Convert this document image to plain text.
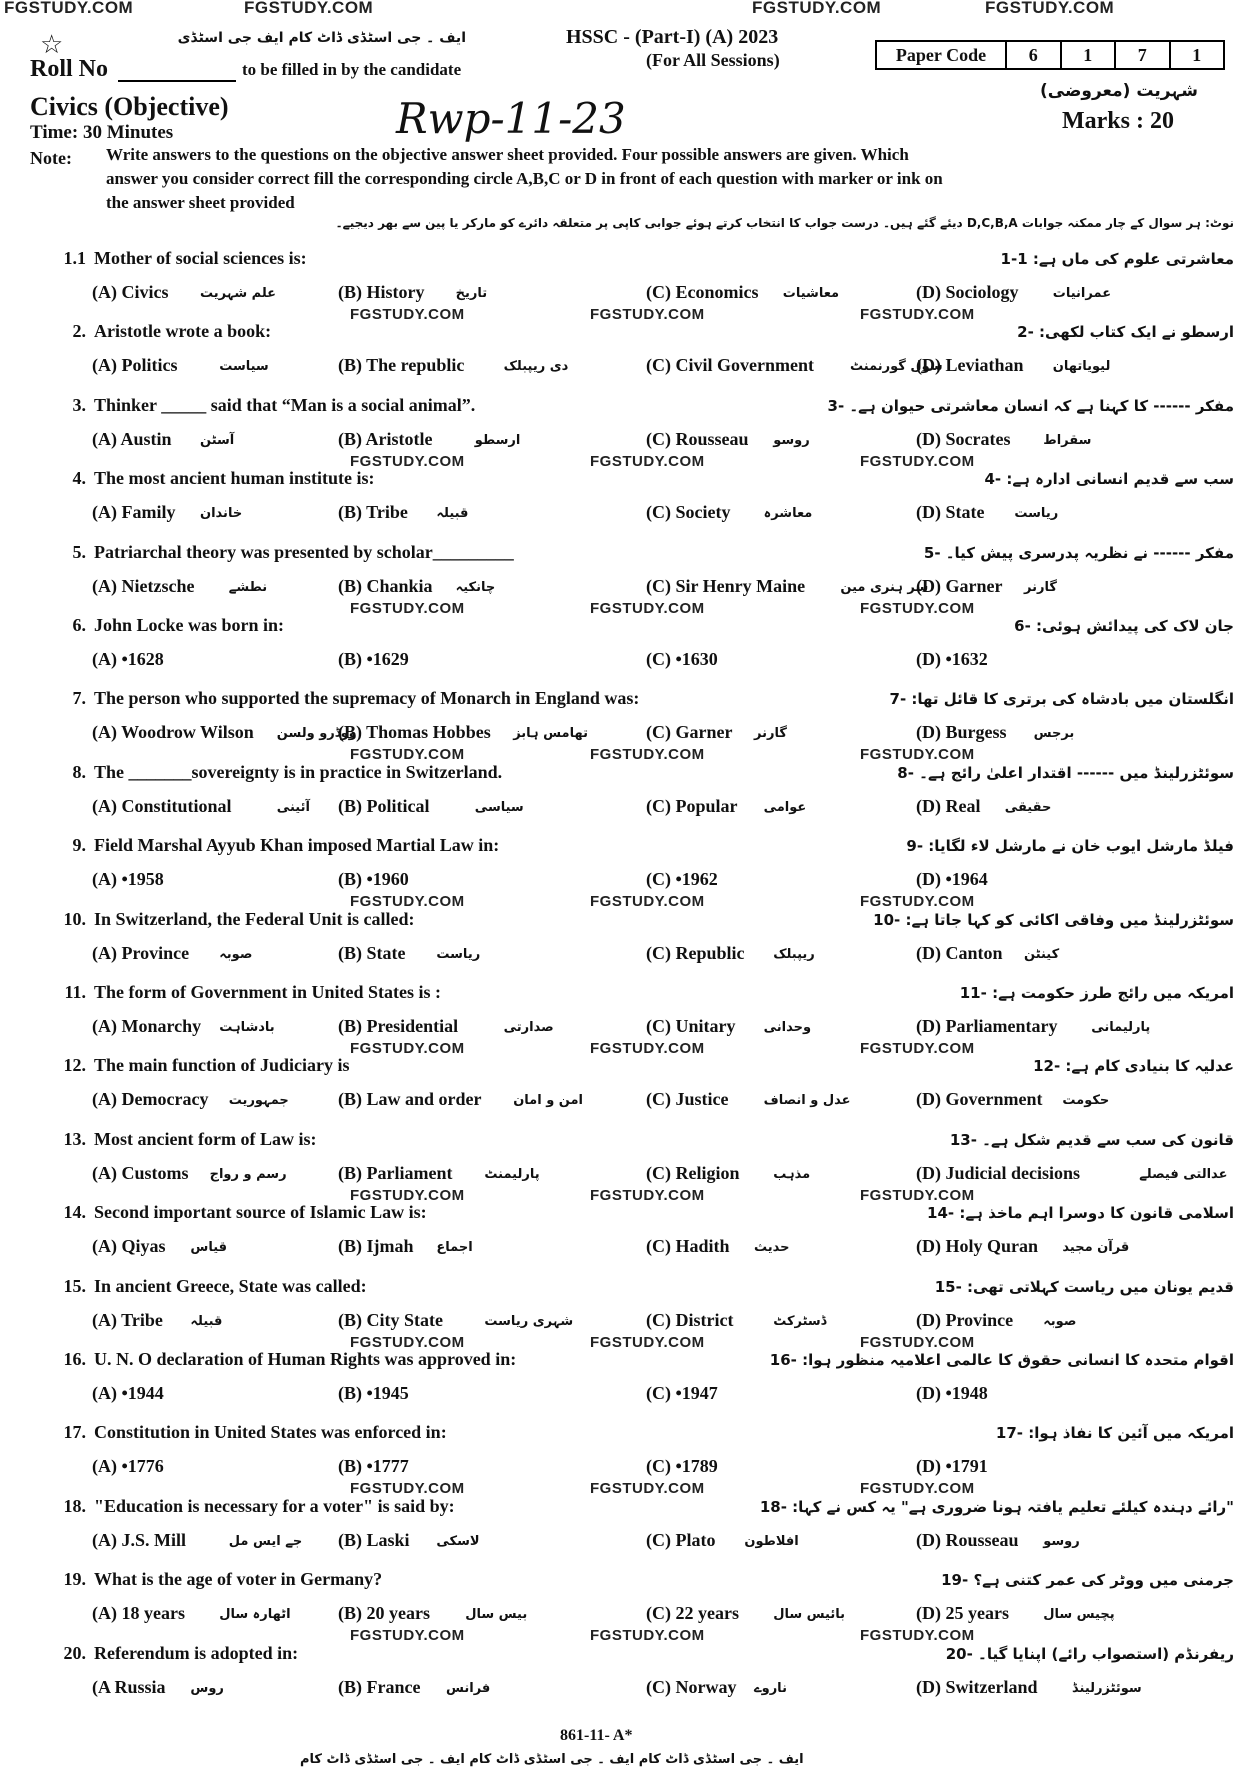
FGSTUDY.COM	FGSTUDY.COM	FGSTUDY.COM	FGSTUDY.COM
☆	ایف ۔ جی اسٹڈی ڈاٹ کام ایف جی اسٹڈی	HSSC - (Part-I) (A) 2023
(For All Sessions)	Paper Code	6	1	7	1
Roll No	to be filled in by the candidate
Civics (Objective)
Time: 30 Minutes	Rwp-11-23
شہریت (معروضی)
Marks : 20
Note: Write answers to the questions on the objective answer sheet provided. Four possible answers are given. Which
answer you consider correct fill the corresponding circle A,B,C or D in front of each question with marker or ink on
the answer sheet provided
نوٹ: ہر سوال کے چار ممکنہ جوابات D,C,B,A دیئے گئے ہیں۔ درست جواب کا انتخاب کرتے ہوئے جوابی کاپی پر متعلقہ دائرے کو مارکر یا پین سے بھر دیجیے۔
1.1 Mother of social sciences is:	معاشرتی علوم کی ماں ہے: 1-1
(A) Civics علم شہریت	(B) History تاریخ	(C) Economics معاشیات	(D) Sociology	عمرانیات
FGSTUDY.COM	FGSTUDY.COM	FGSTUDY.COM
2. Aristotle wrote a book:	ارسطو نے ایک کتاب لکھی: -2
(A) Politics	سیاست	(B) The republic	دی ریپبلک	(C) Civil Government	سول گورنمنٹ
(D) Leviathan لیویاتھان
3. Thinker _____ said that “Man is a social animal”.	مفکر ------ کا کہنا ہے کہ انسان معاشرتی حیوان ہے۔ -3
(A) Austin آسٹن	(B) Aristotle	ارسطو	(C) Rousseau روسو	(D) Socrates	سقراط
FGSTUDY.COM	FGSTUDY.COM	FGSTUDY.COM
4. The most ancient human institute is:	سب سے قدیم انسانی ادارہ ہے: -4
(A) Family خاندان	(B) Tribe قبیلہ	(C) Society	معاشرہ	(D) State ریاست
5. Patriarchal theory was presented by scholar_________	مفکر ------ نے نظریہ پدرسری پیش کیا۔ -5
(A) Nietzsche	نطشے	(B) Chankia چانکیہ	(C) Sir Henry Maine	سر ہنری مین
(D) Garner گارنر
FGSTUDY.COM	FGSTUDY.COM	FGSTUDY.COM
6. John Locke was born in:	جان لاک کی پیدائش ہوئی: -6
(A) •1628	(B) •1629	(C) •1630	(D) •1632
7. The person who supported the supremacy of Monarch in England was:	انگلستان میں بادشاہ کی برتری کا قائل تھا: -7
(A) Woodrow Wilson ووڈرو ولسن
(B) Thomas Hobbes تھامس ہابز	(C) Garner گارنر	(D) Burgess برجس
FGSTUDY.COM	FGSTUDY.COM	FGSTUDY.COM
8. The _______sovereignty is in practice in Switzerland.	سوئٹزرلینڈ میں ------ اقتدار اعلیٰ رائج ہے۔ -8
(A) Constitutional	آئینی (B) Political	سیاسی	(C) Popular عوامی	(D) Real حقیقی
9. Field Marshal Ayyub Khan imposed Martial Law in:	فیلڈ مارشل ایوب خان نے مارشل لاء لگایا: -9
(A) •1958	(B) •1960	(C) •1962	(D) •1964
FGSTUDY.COM	FGSTUDY.COM	FGSTUDY.COM
10. In Switzerland, the Federal Unit is called:	سوئٹزرلینڈ میں وفاقی اکائی کو کہا جاتا ہے: -10
(A) Province صوبہ	(B) State ریاست	(C) Republic ریپبلک	(D) Canton کینٹن
11. The form of Government in United States is :	امریکہ میں رائج طرز حکومت ہے: -11
(A) Monarchy بادشاہت	(B) Presidential	صدارتی	(C) Unitary وحدانی	(D) Parliamentary	پارلیمانی
FGSTUDY.COM	FGSTUDY.COM	FGSTUDY.COM
12. The main function of Judiciary is	عدلیہ کا بنیادی کام ہے: -12
(A) Democracy جمہوریت	(B) Law and order امن و امان	(C) Justice	عدل و انصاف	(D) Government حکومت
13. Most ancient form of Law is:	قانون کی سب سے قدیم شکل ہے۔ -13
(A) Customs رسم و رواج	(B) Parliament پارلیمنٹ	(C) Religion	مذہب	(D) Judicial decisions	عدالتی فیصلے
FGSTUDY.COM	FGSTUDY.COM	FGSTUDY.COM
14. Second important source of Islamic Law is:	اسلامی قانون کا دوسرا اہم ماخذ ہے: -14
(A) Qiyas قیاس	(B) Ijmah اجماع	(C) Hadith حدیث	(D) Holy Quran قرآن مجید
15. In ancient Greece, State was called:	قدیم یونان میں ریاست کہلاتی تھی: -15
(A) Tribe قبیلہ	(B) City State	شہری ریاست	(C) District	ڈسٹرکٹ	(D) Province صوبہ
FGSTUDY.COM	FGSTUDY.COM	FGSTUDY.COM
16. U. N. O declaration of Human Rights was approved in:	اقوام متحدہ کا انسانی حقوق کا عالمی اعلامیہ منظور ہوا: -16
(A) •1944	(B) •1945	(C) •1947	(D) •1948
17. Constitution in United States was enforced in:	امریکہ میں آئین کا نفاذ ہوا: -17
(A) •1776	(B) •1777	(C) •1789	(D) •1791
FGSTUDY.COM	FGSTUDY.COM	FGSTUDY.COM
18. "Education is necessary for a voter" is said by:	"رائے دہندہ کیلئے تعلیم یافتہ ہونا ضروری ہے" یہ کس نے کہا: -18
(A) J.S. Mill	جے ایس مل (B) Laski لاسکی	(C) Plato افلاطون	(D) Rousseau روسو
19. What is the age of voter in Germany?	جرمنی میں ووٹر کی عمر کتنی ہے؟ -19
(A) 18 years	اٹھارہ سال	(B) 20 years	بیس سال	(C) 22 years	بائیس سال	(D) 25 years	پچیس سال
FGSTUDY.COM	FGSTUDY.COM	FGSTUDY.COM
20. Referendum is adopted in:	ریفرنڈم (استصواب رائے) اپنایا گیا۔ -20
(A Russia روس	(B) France فرانس	(C) Norway ناروے	(D) Switzerland	سوئٹزرلینڈ
861-11- A*
ایف ۔ جی اسٹڈی ڈاٹ کام ایف ۔ جی اسٹڈی ڈاٹ کام ایف ۔ جی اسٹڈی ڈاٹ کام
